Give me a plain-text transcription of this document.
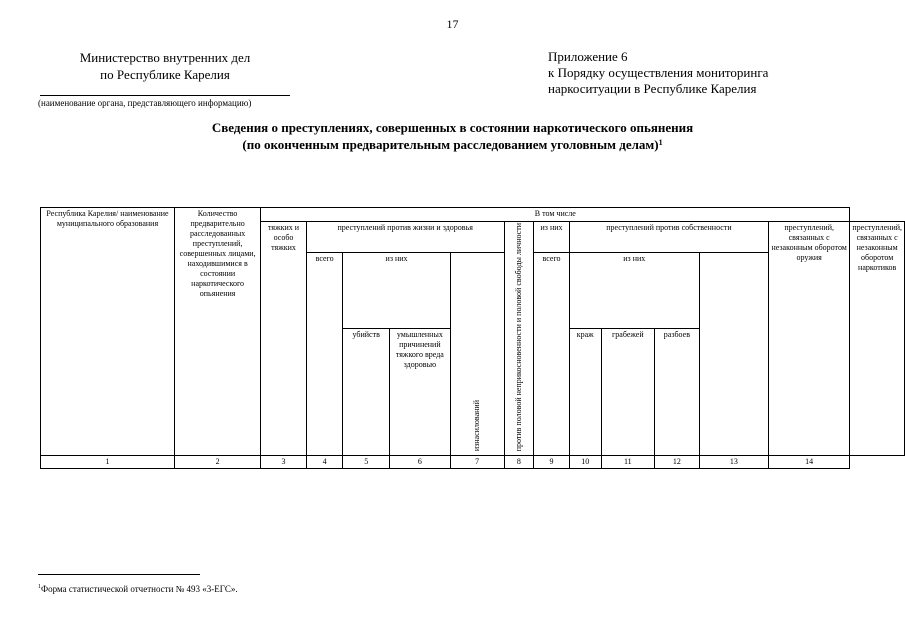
17
Министерство внутренних дел
по Республике Карелия
(наименование органа, представляющего информацию)
Приложение 6
к Порядку осуществления мониторинга
наркоситуации в Республике Карелия
Сведения о преступлениях, совершенных в состоянии наркотического опьянения
(по оконченным предварительным расследованием уголовным делам)$^1$
Республика Карелия/ наименование муниципального образования	Количество предварительно расследованных преступлений, совершенных лицами, находившимися в состоянии наркотического опьянения	В том числе												
		тяжких и особо тяжких	преступлений против жизни и здоровья				против половой неприкосновенности и половой свободы личности	из них	преступлений против собственности				преступлений, связанных с незаконным оборотом оружия	преступлений, связанных с незаконным оборотом наркотиков
			всего	из них		изнасилований		всего	из них					
				убийств	умышленных причинений тяжкого вреда здоровью				краж	грабежей	разбоев			

1	2	3	4	5	6	7	8	9	10	11	12	13	14	
$^1$Форма статистической отчетности № 493 «3-ЕГС».
